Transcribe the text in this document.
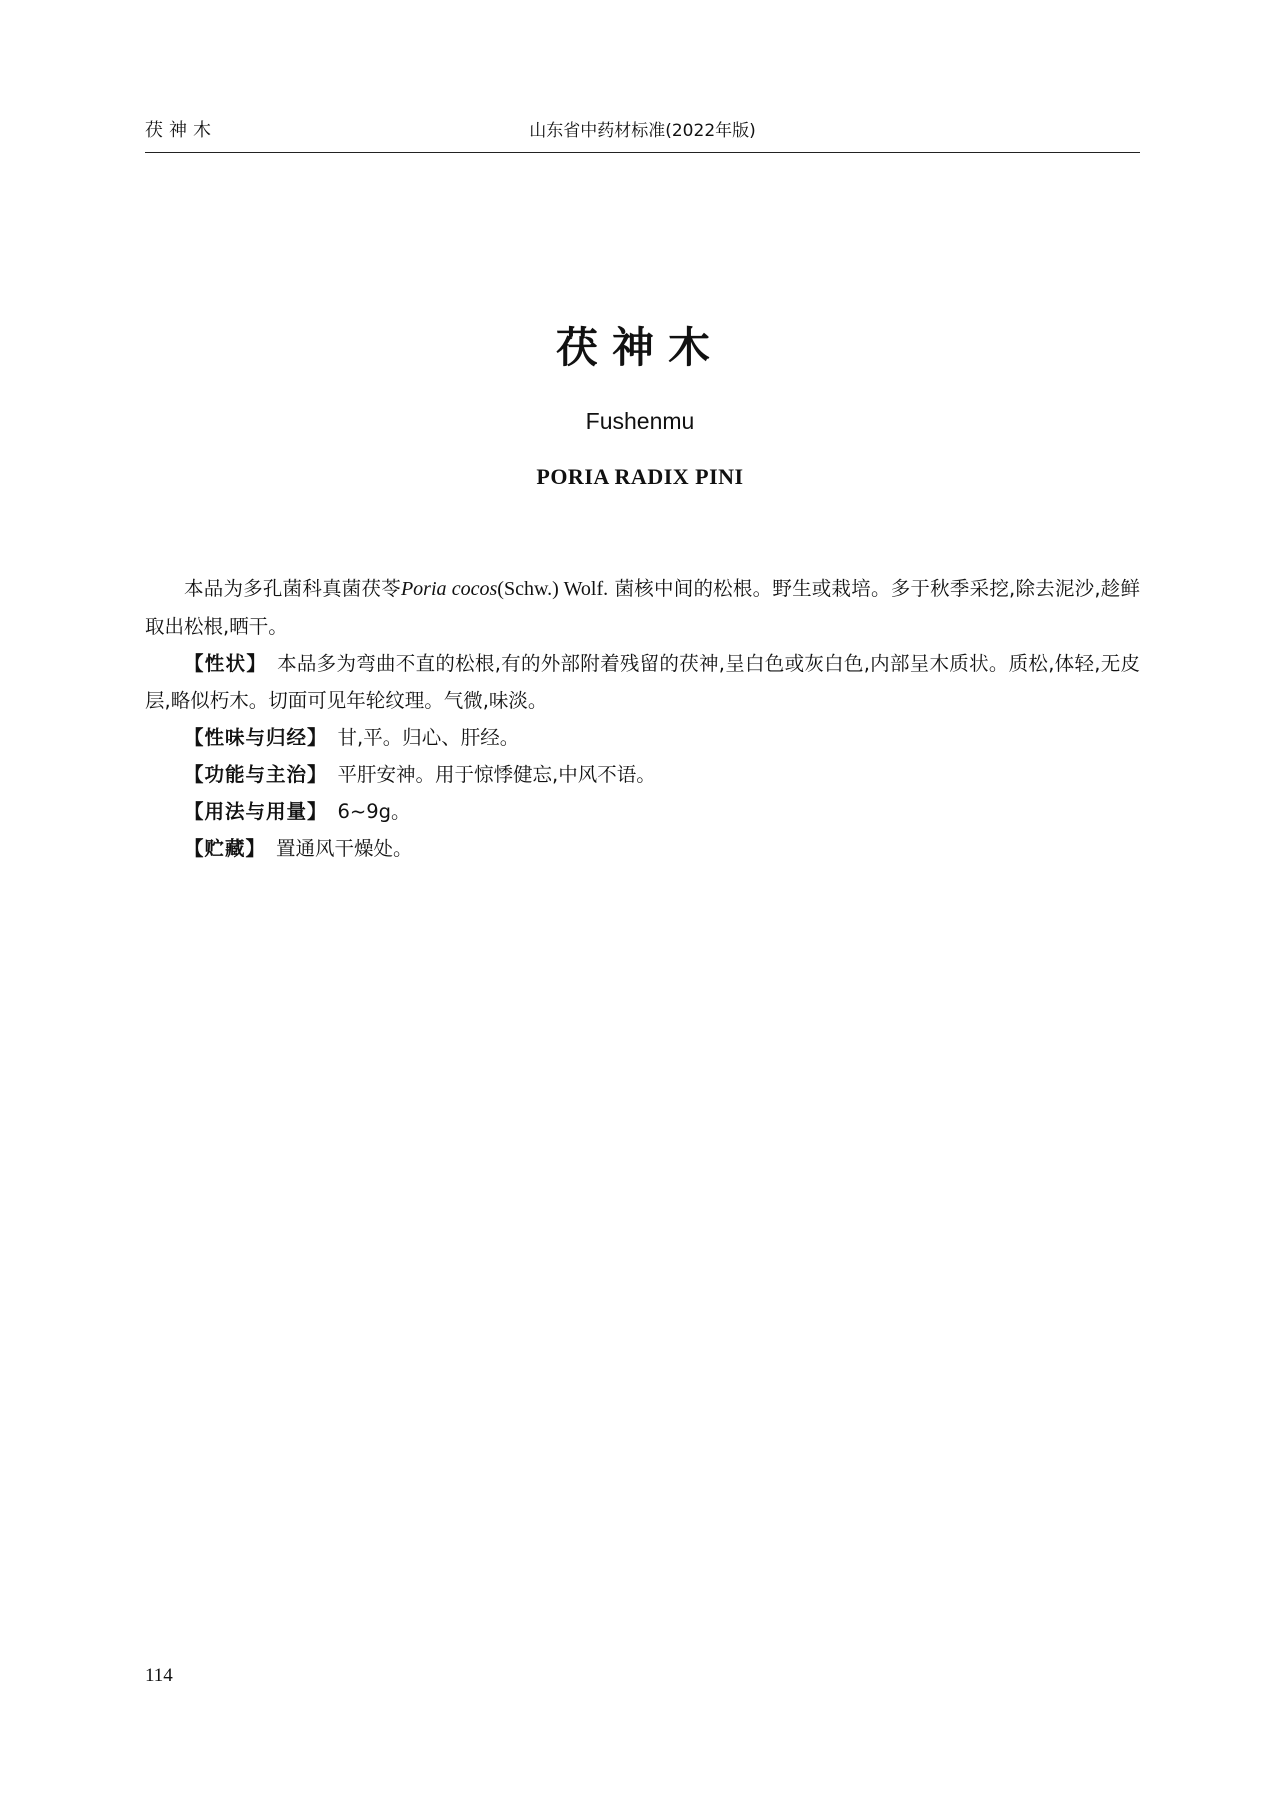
茯神木	山东省中药材标准(2022年版)
茯神木
Fushenmu
PORIA RADIX PINI

本品为多孔菌科真菌茯苓Poria cocos(Schw.) Wolf. 菌核中间的松根。野生或栽培。多于秋季采挖,除去泥沙,趁鲜取出松根,晒干。

【性状】 本品多为弯曲不直的松根,有的外部附着残留的茯神,呈白色或灰白色,内部呈木质状。质松,体轻,无皮层,略似朽木。切面可见年轮纹理。气微,味淡。

【性味与归经】 甘,平。归心、肝经。

【功能与主治】 平肝安神。用于惊悸健忘,中风不语。

【用法与用量】 6~9g。

【贮藏】 置通风干燥处。

114
